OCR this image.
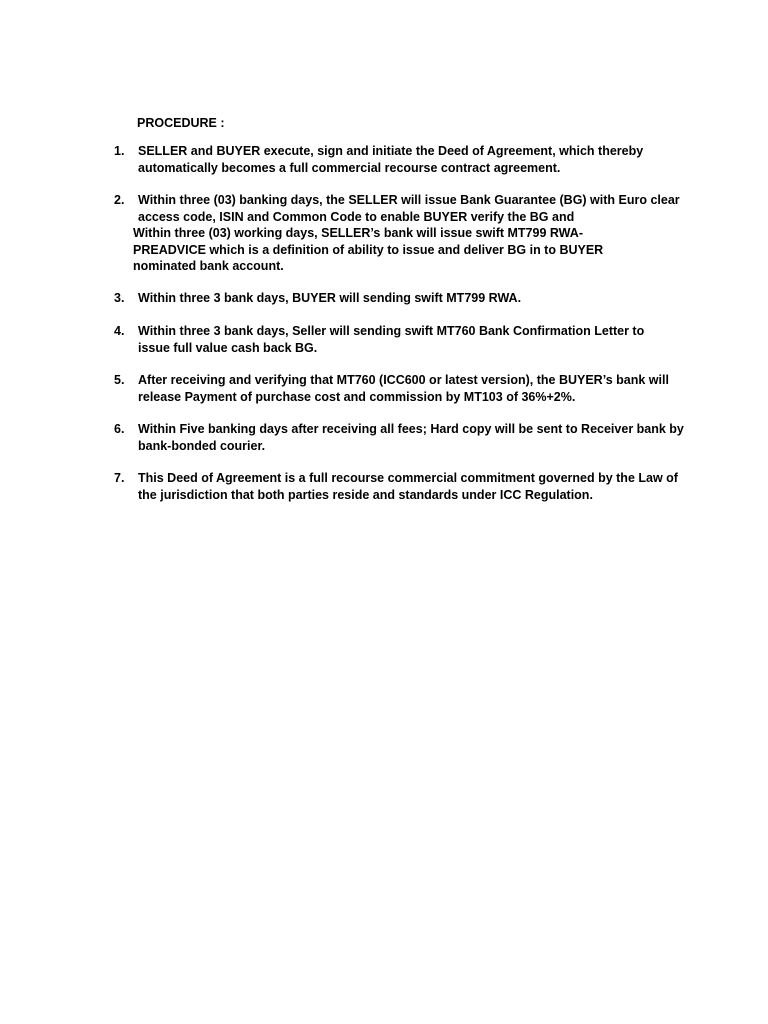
PROCEDURE :
1.	SELLER and BUYER execute, sign and initiate the Deed of Agreement, which thereby
automatically becomes a full commercial recourse contract agreement.
2.	Within three (03) banking days, the SELLER will issue Bank Guarantee (BG) with Euro clear
access code, ISIN and Common Code to enable BUYER verify the BG and
Within three (03) working days, SELLER’s bank will issue swift MT799 RWA-
PREADVICE which is a definition of ability to issue and deliver BG in to BUYER
nominated bank account.
3.	Within three 3 bank days, BUYER will sending swift MT799 RWA.
4.	Within three 3 bank days, Seller will sending swift MT760 Bank Confirmation Letter to
issue full value cash back BG.
5.	After receiving and verifying that MT760 (ICC600 or latest version), the BUYER’s bank will
release Payment of purchase cost and commission by MT103 of 36%+2%.
6.	Within Five banking days after receiving all fees; Hard copy will be sent to Receiver bank by
bank-bonded courier.
7.	This Deed of Agreement is a full recourse commercial commitment governed by the Law of
the jurisdiction that both parties reside and standards under ICC Regulation.
